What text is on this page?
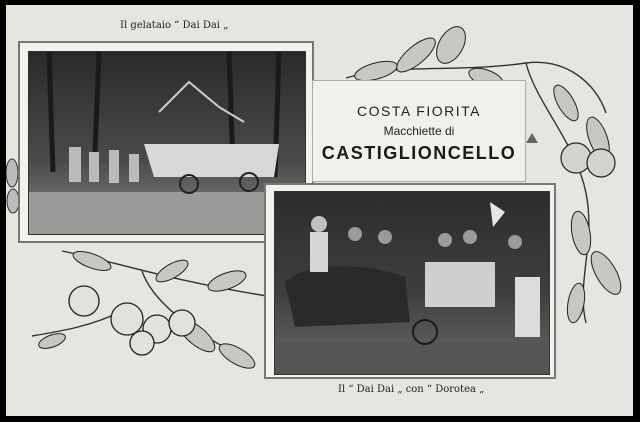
Il gelataio “ Dai Dai „
COSTA FIORITA
Macchiette di
CASTIGLIONCELLO
Il “ Dai Dai „ con “ Dorotea „
